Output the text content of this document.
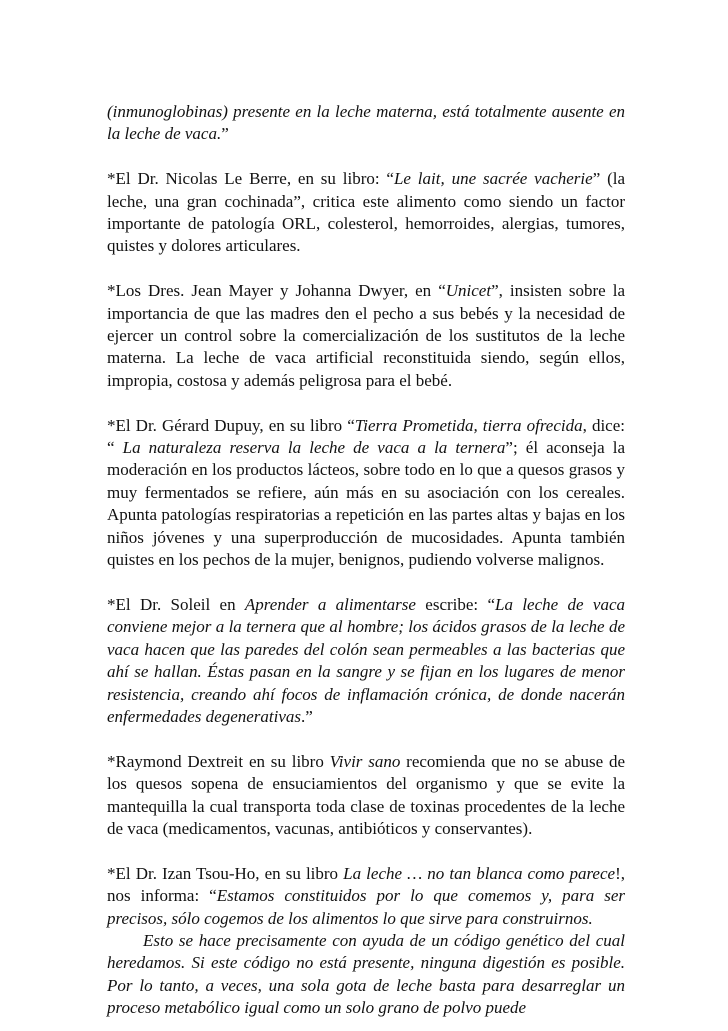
(inmunoglobinas) presente en la leche materna, está totalmente ausente en la leche de vaca.”

*El Dr. Nicolas Le Berre, en su libro: “Le lait, une sacrée vacherie” (la leche, una gran cochinada”, critica este alimento como siendo un factor importante de patología ORL, colesterol, hemorroides, alergias, tumores, quistes y dolores articulares.

*Los Dres. Jean Mayer y Johanna Dwyer, en “Unicet”, insisten sobre la importancia de que las madres den el pecho a sus bebés y la necesidad de ejercer un control sobre la comercialización de los sustitutos de la leche materna. La leche de vaca artificial reconstituida siendo, según ellos, impropia, costosa y además peligrosa para el bebé.

*El Dr. Gérard Dupuy, en su libro “Tierra Prometida, tierra ofrecida, dice: “ La naturaleza reserva la leche de vaca a la ternera”; él aconseja la moderación en los productos lácteos, sobre todo en lo que a quesos grasos y muy fermentados se refiere, aún más en su asociación con los cereales. Apunta patologías respiratorias a repetición en las partes altas y bajas en los niños jóvenes y una superproducción de mucosidades. Apunta también quistes en los pechos de la mujer, benignos, pudiendo volverse malignos.

*El Dr. Soleil en Aprender a alimentarse escribe: “La leche de vaca conviene mejor a la ternera que al hombre; los ácidos grasos de la leche de vaca hacen que las paredes del colón sean permeables a las bacterias que ahí se hallan. Éstas pasan en la sangre y se fijan en los lugares de menor resistencia, creando ahí focos de inflamación crónica, de donde nacerán enfermedades degenerativas.”

*Raymond Dextreit en su libro Vivir sano recomienda que no se abuse de los quesos sopena de ensuciamientos del organismo y que se evite la mantequilla la cual transporta toda clase de toxinas procedentes de la leche de vaca (medicamentos, vacunas, antibióticos y conservantes).

*El Dr. Izan Tsou-Ho, en su libro La leche … no tan blanca como parece!, nos informa: “Estamos constituidos por lo que comemos y, para ser precisos, sólo cogemos de los alimentos lo que sirve para construirnos.
Esto se hace precisamente con ayuda de un código genético del cual heredamos. Si este código no está presente, ninguna digestión es posible. Por lo tanto, a veces, una sola gota de leche basta para desarreglar un proceso metabólico igual como un solo grano de polvo puede
